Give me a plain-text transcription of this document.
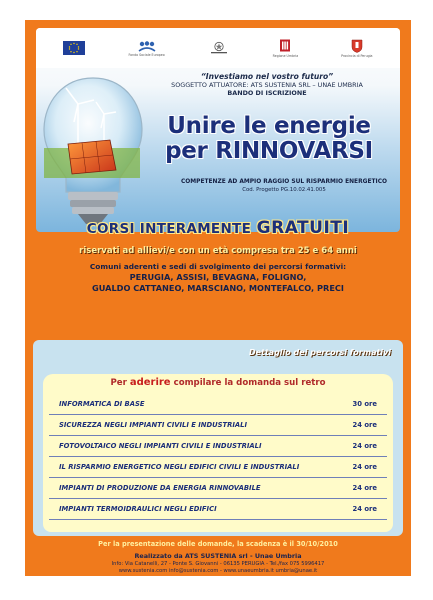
Fondo Sociale Europeo	Regione Umbria	Provincia di Perugia
“Investiamo nel vostro futuro”
SOGGETTO ATTUATORE: ATS SUSTENIA SRL – UNAE UMBRIA
BANDO DI ISCRIZIONE
Unire le energie
per RINNOVARSI
COMPETENZE AD AMPIO RAGGIO SUL RISPARMIO ENERGETICO
Cod. Progetto PG.10.02.41.005
CORSI INTERAMENTE GRATUITI
riservati ad allievi/e con un età compresa tra 25 e 64 anni
Comuni aderenti e sedi di svolgimento dei percorsi formativi:
PERUGIA, ASSISI, BEVAGNA, FOLIGNO,
GUALDO CATTANEO, MARSCIANO, MONTEFALCO, PRECI
Dettaglio dei percorsi formativi
Per aderire compilare la domanda sul retro
INFORMATICA DI BASE	30 ore
SICUREZZA NEGLI IMPIANTI CIVILI E INDUSTRIALI	24 ore
FOTOVOLTAICO NEGLI IMPIANTI CIVILI E INDUSTRIALI	24 ore
IL RISPARMIO ENERGETICO NEGLI EDIFICI CIVILI E INDUSTRIALI	24 ore
IMPIANTI DI PRODUZIONE DA ENERGIA RINNOVABILE	24 ore
IMPIANTI TERMOIDRAULICI NEGLI EDIFICI	24 ore
Per la presentazione delle domande, la scadenza è il 30/10/2010
Realizzato da ATS SUSTENIA srl - Unae Umbria
Info: Via Catanelli, 27 - Ponte S. Giovanni - 06135 PERUGIA - Tel./fax 075 5996417
www.sustenia.com info@sustenia.com - www.unaeumbria.it umbria@unae.it
